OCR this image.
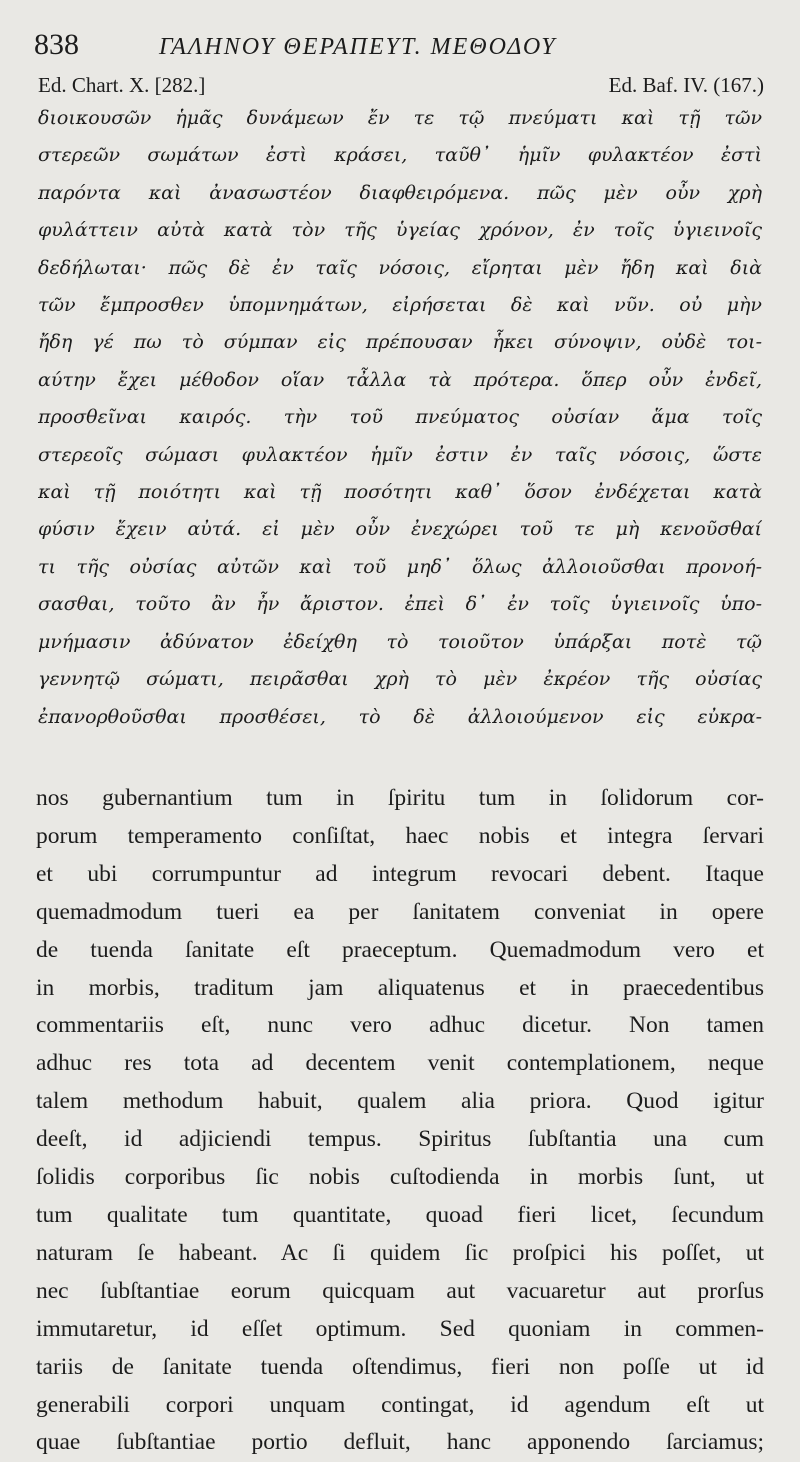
838	ΓΑΛΗΝΟΥ ΘΕΡΑΠΕΥΤ. ΜΕΘΟΔΟΥ
Ed. Chart. X. [282.]	Ed. Baf. IV. (167.)
διοικουσῶν ἡμᾶς δυνάμεων ἔν τε τῷ πνεύματι καὶ τῇ τῶν
στερεῶν σωμάτων ἐστὶ κράσει, ταῦθ᾽ ἡμῖν φυλακτέον ἐστὶ
παρόντα καὶ ἀνασωστέον διαφθειρόμενα. πῶς μὲν οὖν χρὴ
φυλάττειν αὐτὰ κατὰ τὸν τῆς ὑγείας χρόνον, ἐν τοῖς ὑγιεινοῖς
δεδήλωται· πῶς δὲ ἐν ταῖς νόσοις, εἴρηται μὲν ἤδη καὶ διὰ
τῶν ἔμπροσθεν ὑπομνημάτων, εἰρήσεται δὲ καὶ νῦν. οὐ μὴν
ἤδη γέ πω τὸ σύμπαν εἰς πρέπουσαν ἧκει σύνοψιν, οὐδὲ τοι-
αύτην ἔχει μέθοδον οἵαν τἆλλα τὰ πρότερα. ὅπερ οὖν ἐνδεῖ,
προσθεῖναι καιρός. τὴν τοῦ πνεύματος οὐσίαν ἅμα τοῖς
στερεοῖς σώμασι φυλακτέον ἡμῖν ἐστιν ἐν ταῖς νόσοις, ὥστε
καὶ τῇ ποιότητι καὶ τῇ ποσότητι καθ᾽ ὅσον ἐνδέχεται κατὰ
φύσιν ἔχειν αὐτά. εἰ μὲν οὖν ἐνεχώρει τοῦ τε μὴ κενοῦσθαί
τι τῆς οὐσίας αὐτῶν καὶ τοῦ μηδ᾽ ὅλως ἀλλοιοῦσθαι προνοή-
σασθαι, τοῦτο ἂν ἦν ἄριστον. ἐπεὶ δ᾽ ἐν τοῖς ὑγιεινοῖς ὑπο-
μνήμασιν ἀδύνατον ἐδείχθη τὸ τοιοῦτον ὑπάρξαι ποτὲ τῷ
γεννητῷ σώματι, πειρᾶσθαι χρὴ τὸ μὲν ἐκρέον τῆς οὐσίας
ἐπανορθοῦσθαι προσθέσει, τὸ δὲ ἀλλοιούμενον εἰς εὐκρα-
nos gubernantium tum in ſpiritu tum in ſolidorum cor-
porum temperamento conſiſtat, haec nobis et integra ſervari
et ubi corrumpuntur ad integrum revocari debent. Itaque
quemadmodum tueri ea per ſanitatem conveniat in opere
de tuenda ſanitate eſt praeceptum. Quemadmodum vero et
in morbis, traditum jam aliquatenus et in praecedentibus
commentariis eſt, nunc vero adhuc dicetur. Non tamen
adhuc res tota ad decentem venit contemplationem, neque
talem methodum habuit, qualem alia priora. Quod igitur
deeſt, id adjiciendi tempus. Spiritus ſubſtantia una cum
ſolidis corporibus ſic nobis cuſtodienda in morbis ſunt, ut
tum qualitate tum quantitate, quoad fieri licet, ſecundum
naturam ſe habeant. Ac ſi quidem ſic proſpici his poſſet, ut
nec ſubſtantiae eorum quicquam aut vacuaretur aut prorſus
immutaretur, id eſſet optimum. Sed quoniam in commen-
tariis de ſanitate tuenda oſtendimus, fieri non poſſe ut id
generabili corpori unquam contingat, id agendum eſt ut
quae ſubſtantiae portio defluit, hanc apponendo ſarciamus;
